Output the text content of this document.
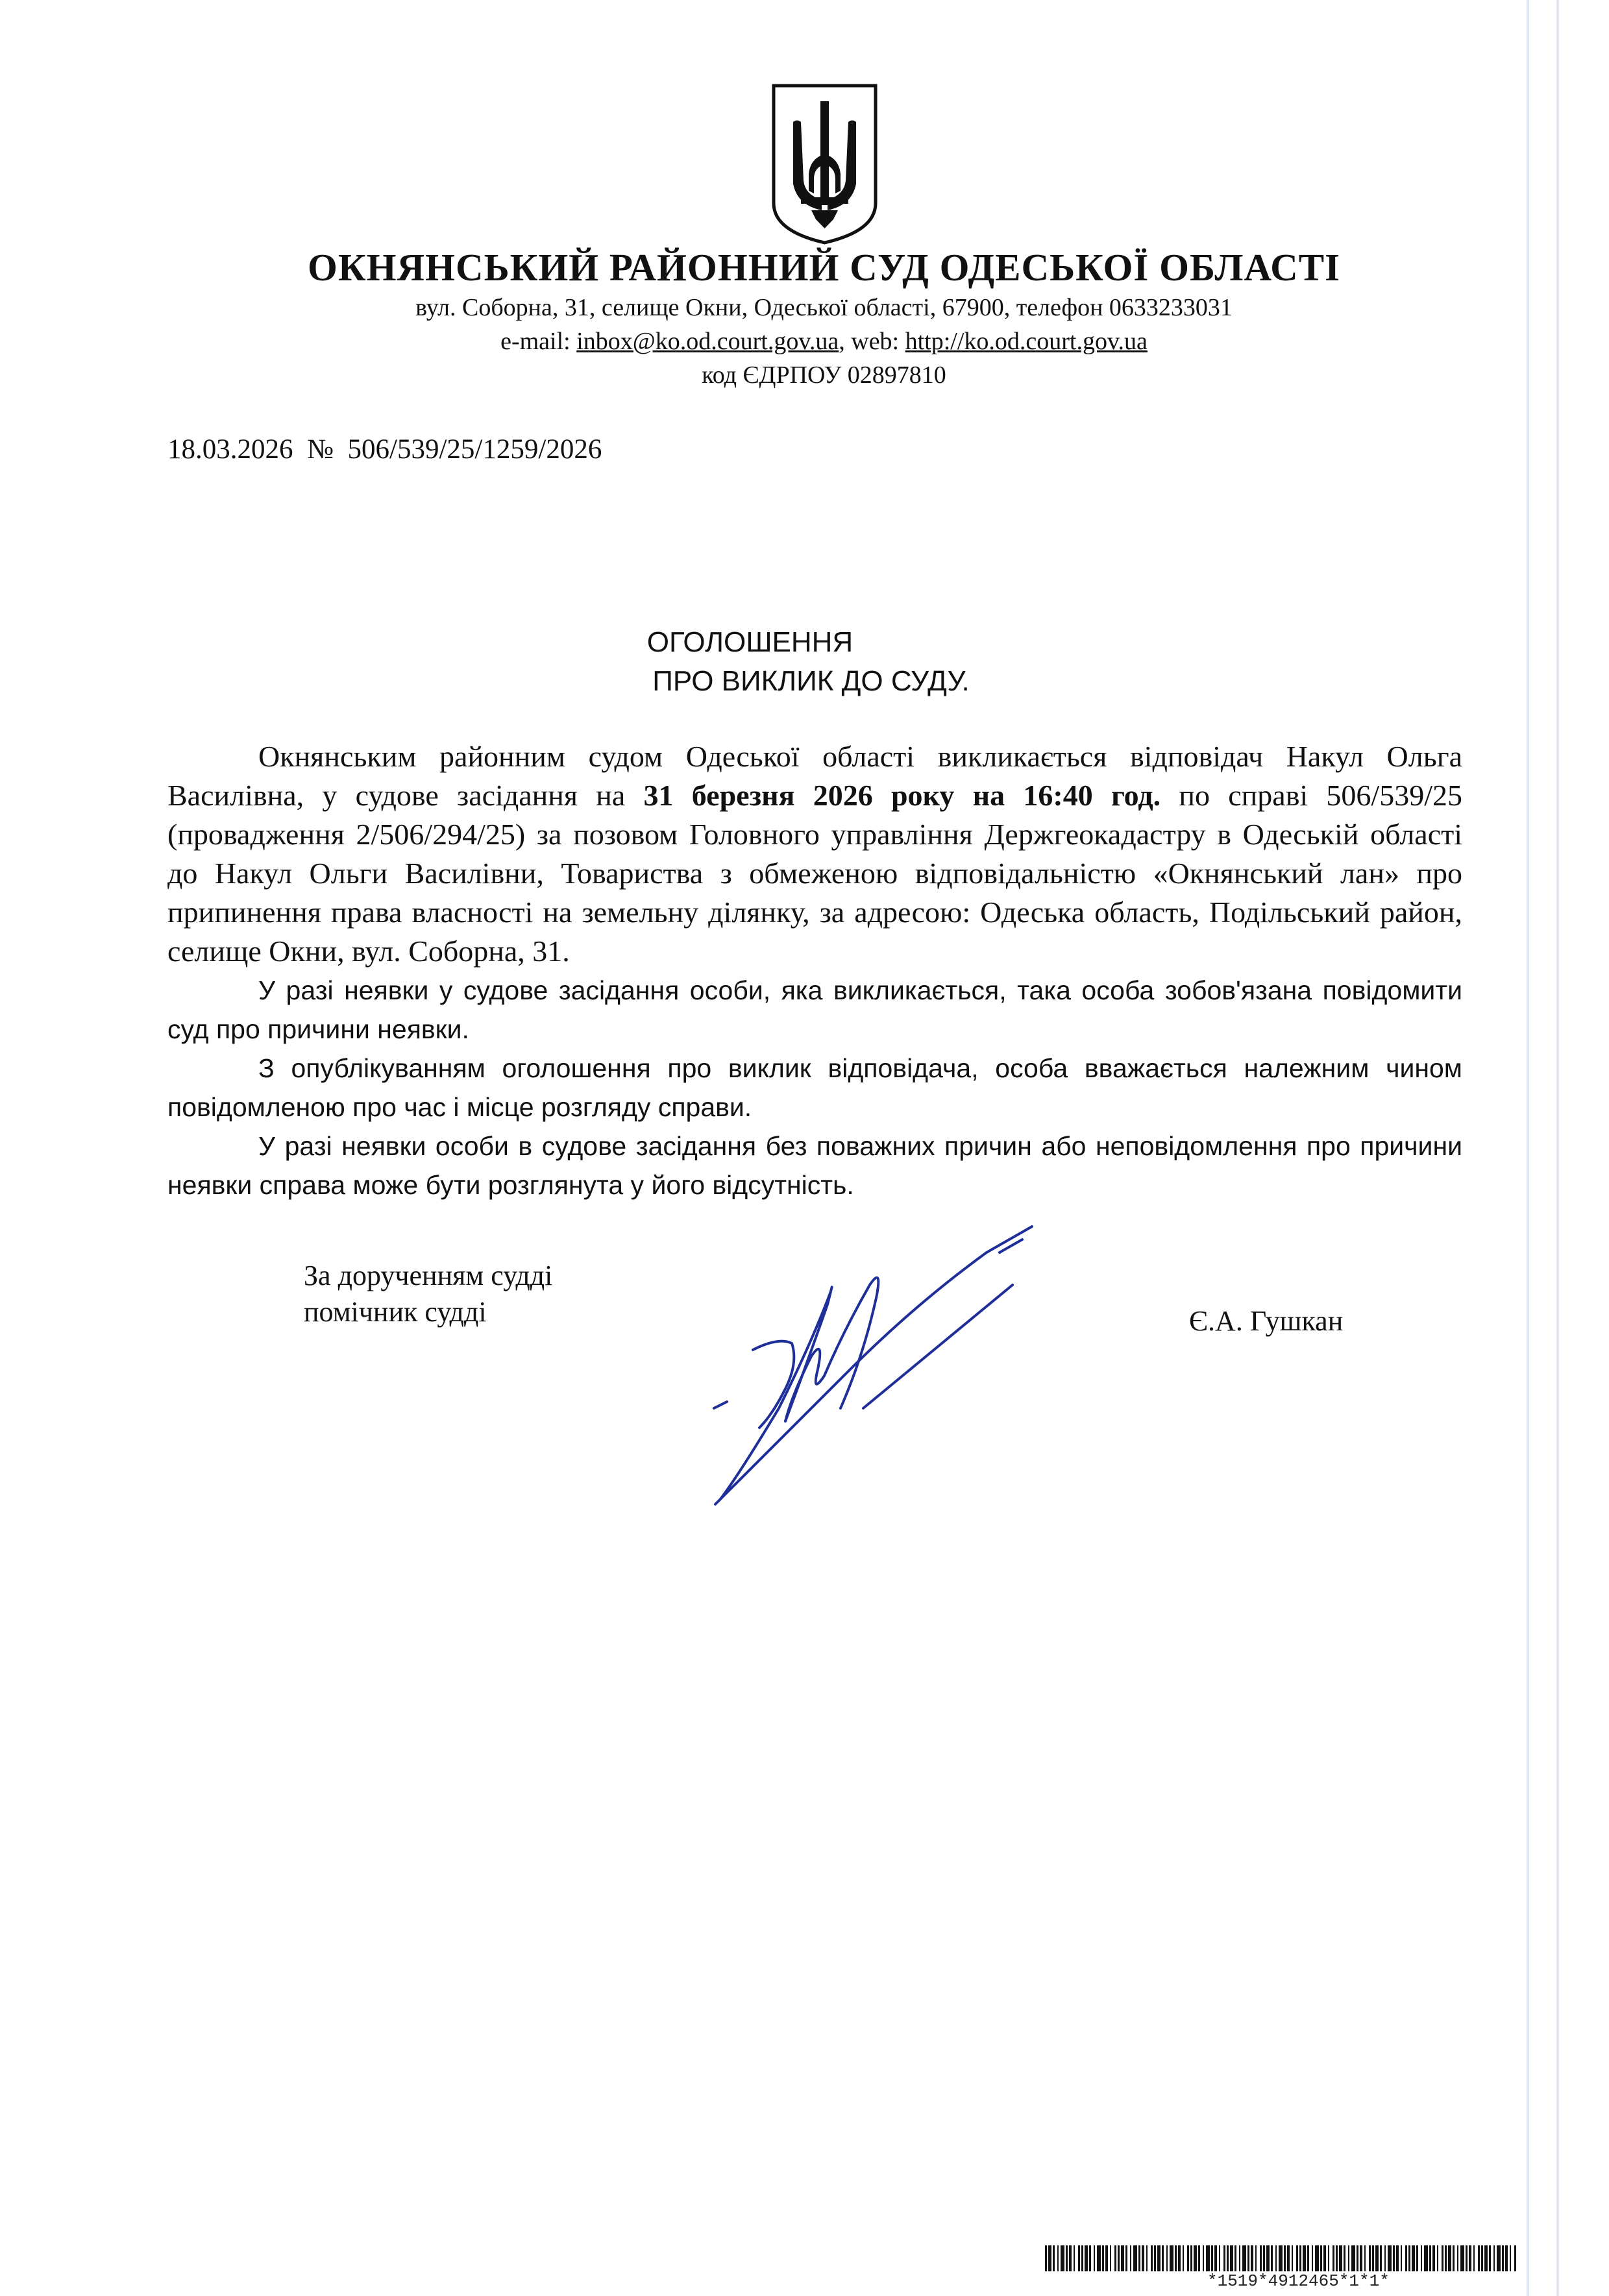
ОКНЯНСЬКИЙ РАЙОННИЙ СУД ОДЕСЬКОЇ ОБЛАСТІ
вул. Соборна, 31, селище Окни, Одеської області, 67900, телефон 0633233031
e-mail: inbox@ko.od.court.gov.ua, web: http://ko.od.court.gov.ua
код ЄДРПОУ 02897810
18.03.2026 № 506/539/25/1259/2026
ОГОЛОШЕННЯ
ПРО ВИКЛИК ДО СУДУ.

Окнянським районним судом Одеської області викликається відповідач Накул Ольга Василівна, у судове засідання на 31 березня 2026 року на 16:40 год. по справі 506/539/25 (провадження 2/506/294/25) за позовом Головного управління Держгеокадастру в Одеській області до Накул Ольги Василівни, Товариства з обмеженою відповідальністю «Окнянський лан» про припинення права власності на земельну ділянку, за адресою: Одеська область, Подільський район, селище Окни, вул. Соборна, 31.

У разі неявки у судове засідання особи, яка викликається, така особа зобов'язана повідомити суд про причини неявки.

З опублікуванням оголошення про виклик відповідача, особа вважається належним чином повідомленою про час і місце розгляду справи.

У разі неявки особи в судове засідання без поважних причин або неповідомлення про причини неявки справа може бути розглянута у його відсутність.

За дорученням судді
помічник судді	Є.А. Гушкан
*1519*4912465*1*1*
